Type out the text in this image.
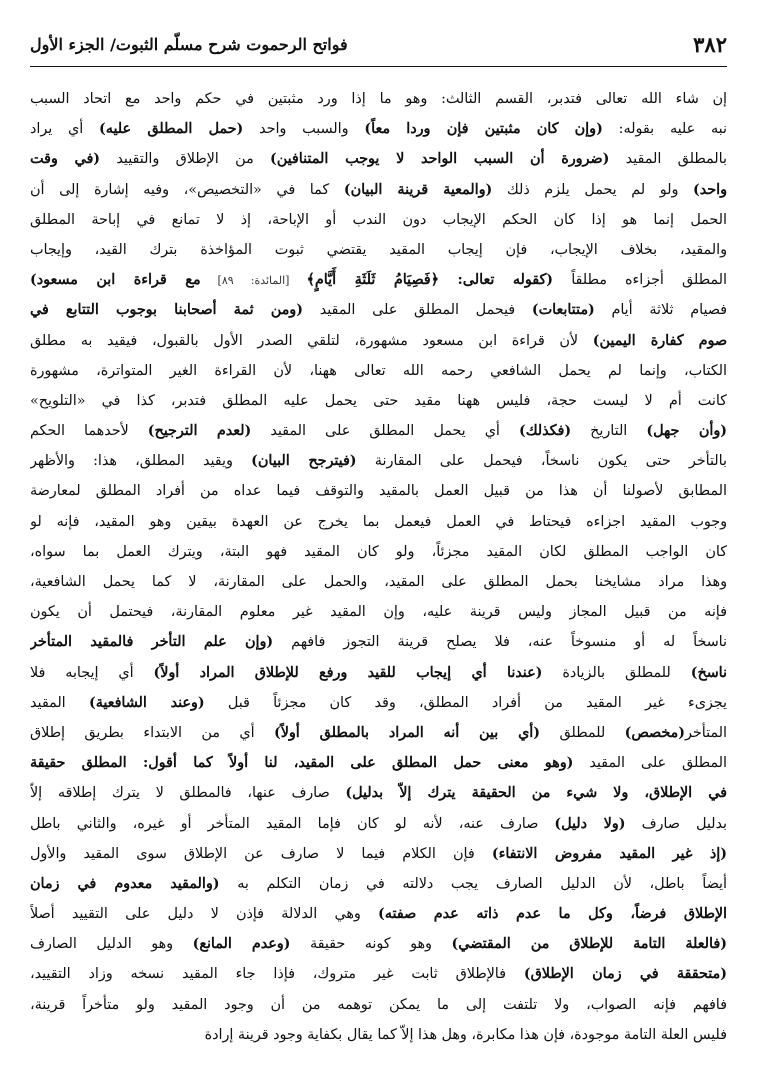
٣٨٢
فواتح الرحموت شرح مسلّم الثبوت/ الجزء الأول
إن شاء الله تعالى فتدبر، القسم الثالث: وهو ما إذا ورد مثبتين في حكم واحد مع اتحاد السبب
نبه عليه بقوله: (وإن كان مثبتين فإن وردا معاً) والسبب واحد (حمل المطلق عليه) أي يراد
بالمطلق المقيد (ضرورة أن السبب الواحد لا يوجب المتنافين) من الإطلاق والتقييد (في وقت
واحد) ولو لم يحمل يلزم ذلك (والمعية قرينة البيان) كما في «التخصيص»، وفيه إشارة إلى أن
الحمل إنما هو إذا كان الحكم الإيجاب دون الندب أو الإباحة، إذ لا تمانع في إباحة المطلق
والمقيد، بخلاف الإيجاب، فإن إيجاب المقيد يقتضي ثبوت المؤاخذة بترك القيد، وإيجاب
المطلق أجزاءه مطلقاً (كقوله تعالى: ﴿فَصِيَامُ ثَلَثَةِ أَيَّامٍ﴾ [المائدة: ٨٩] مع قراءة ابن مسعود)
فصيام ثلاثة أيام (متتابعات) فيحمل المطلق على المقيد (ومن ثمة أصحابنا بوجوب التتابع في
صوم كفارة اليمين) لأن قراءة ابن مسعود مشهورة، لتلقي الصدر الأول بالقبول، فيقيد به مطلق
الكتاب، وإنما لم يحمل الشافعي رحمه الله تعالى ههنا، لأن القراءة الغير المتواترة، مشهورة
كانت أم لا ليست حجة، فليس ههنا مقيد حتى يحمل عليه المطلق فتدبر، كذا في «التلويح»
(وأن جهل) التاريخ (فكذلك) أي يحمل المطلق على المقيد (لعدم الترجيح) لأحدهما الحكم
بالتأخر حتى يكون ناسخاً، فيحمل على المقارنة (فيترجح البيان) ويقيد المطلق، هذا: والأظهر
المطابق لأصولنا أن هذا من قبيل العمل بالمقيد والتوقف فيما عداه من أفراد المطلق لمعارضة
وجوب المقيد اجزاءه فيحتاط في العمل فيعمل بما يخرج عن العهدة بيقين وهو المقيد، فإنه لو
كان الواجب المطلق لكان المقيد مجزئاً، ولو كان المقيد فهو البتة، ويترك العمل بما سواه،
وهذا مراد مشايخنا بحمل المطلق على المقيد، والحمل على المقارنة، لا كما يحمل الشافعية،
فإنه من قبيل المجاز وليس قرينة عليه، وإن المقيد غير معلوم المقارنة، فيحتمل أن يكون
ناسخاً له أو منسوخاً عنه، فلا يصلح قرينة التجوز فافهم (وإن علم التأخر فالمقيد المتأخر
ناسخ) للمطلق بالزيادة (عندنا أي إيجاب للقيد ورفع للإطلاق المراد أولاً) أي إيجابه فلا
يجزىء غير المقيد من أفراد المطلق، وقد كان مجزئاً قبل (وعند الشافعية) المقيد
المتأخر(مخصص) للمطلق (أي بين أنه المراد بالمطلق أولاً) أي من الابتداء بطريق إطلاق
المطلق على المقيد (وهو معنى حمل المطلق على المقيد، لنا أولاً كما أقول: المطلق حقيقة
في الإطلاق، ولا شيء من الحقيقة يترك إلاّ بدليل) صارف عنها، فالمطلق لا يترك إطلاقه إلاّ
بدليل صارف (ولا دليل) صارف عنه، لأنه لو كان فإما المقيد المتأخر أو غيره، والثاني باطل
(إذ غير المقيد مفروض الانتفاء) فإن الكلام فيما لا صارف عن الإطلاق سوى المقيد والأول
أيضاً باطل، لأن الدليل الصارف يجب دلالته في زمان التكلم به (والمقيد معدوم في زمان
الإطلاق فرضاً، وكل ما عدم ذاته عدم صفته) وهي الدلالة فإذن لا دليل على التقييد أصلاً
(فالعلة التامة للإطلاق من المقتضي) وهو كونه حقيقة (وعدم المانع) وهو الدليل الصارف
(متحققة في زمان الإطلاق) فالإطلاق ثابت غير متروك، فإذا جاء المقيد نسخه وزاد التقييد،
فافهم فإنه الصواب، ولا تلتفت إلى ما يمكن توهمه من أن وجود المقيد ولو متأخراً قرينة،
فليس العلة التامة موجودة، فإن هذا مكابرة، وهل هذا إلاّ كما يقال بكفاية وجود قرينة إرادة
